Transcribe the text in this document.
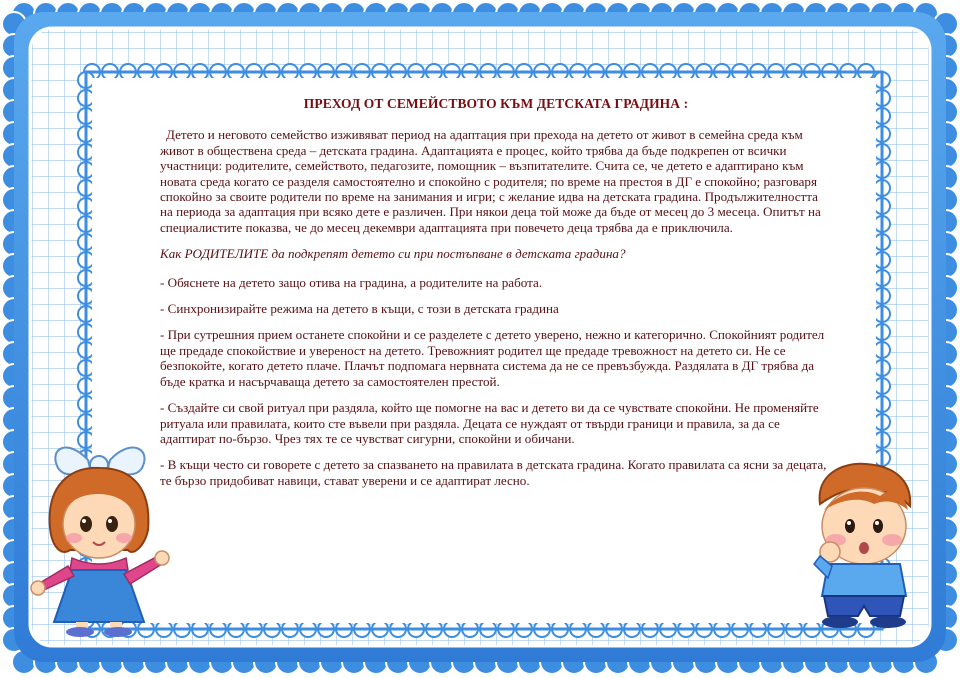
ПРЕХОД ОТ СЕМЕЙСТВОТО КЪМ ДЕТСКАТА ГРАДИНА :

Детето и неговото семейство изживяват период на адаптация при прехода на детето от живот в семейна среда към живот в обществена среда – детската градина. Адаптацията е процес, който трябва да бъде подкрепен от всички участници: родителите, семейството, педагозите, помощник – възпитателите. Счита се, че детето е адаптирано към новата среда когато се разделя самостоятелно и спокойно с родителя; по време на престоя в ДГ е спокойно; разговаря спокойно за своите родители по време на занимания и игри; с желание идва на детската градина. Продължителността на периода за адаптация при всяко дете е различен. При някои деца той може да бъде от месец до 3 месеца. Опитът на специалистите показва, че до месец декември адаптацията при повечето деца трябва да е приключила.

Как РОДИТЕЛИТЕ да подкрепят детето си при постъпване в детската градина?

- Обяснете на детето защо отива на градина, а родителите на работа.

- Синхронизирайте режима на детето в къщи, с този в детската градина

- При сутрешния прием останете спокойни и се разделете с детето уверено, нежно и категорично. Спокойният родител ще предаде спокойствие и увереност на детето. Тревожният родител ще предаде тревожност на детето си. Не се безпокойте, когато детето плаче. Плачът подпомага нервната система да не се превъзбужда. Раздялата в ДГ трябва да бъде кратка и насърчаваща детето за самостоятелен престой.

- Създайте си свой ритуал при раздяла, който ще помогне на вас и детето ви да се чувствате спокойни. Не променяйте ритуала или правилата, които сте въвели при раздяла. Децата се нуждаят от твърди граници и правила, за да се адаптират по-бързо. Чрез тях те се чувстват сигурни, спокойни и обичани.

- В къщи често си говорете с детето за спазването на правилата в детската градина. Когато правилата са ясни за децата, те бързо придобиват навици, стават уверени и се адаптират лесно.
